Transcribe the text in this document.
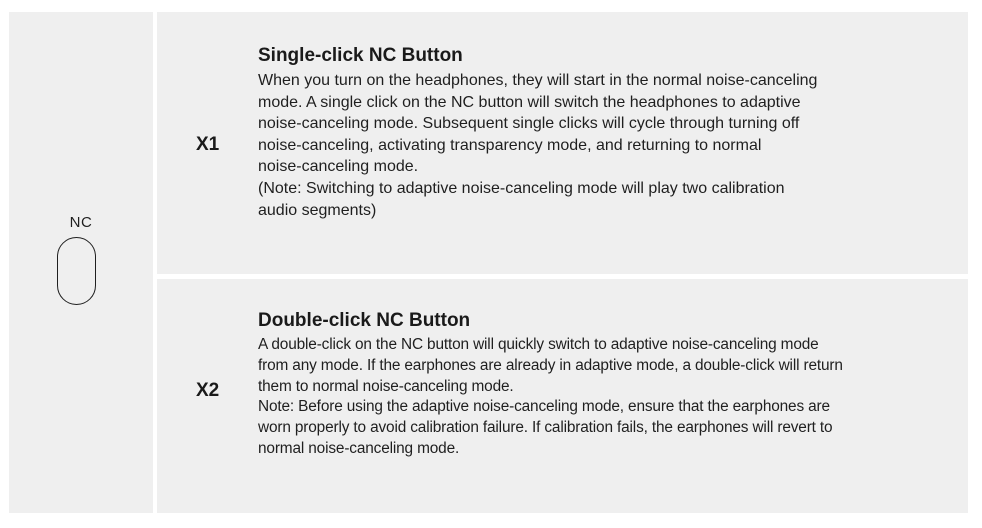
NC
X1
Single-click NC Button

When you turn on the headphones, they will start in the normal noise-canceling

mode. A single click on the NC button will switch the headphones to adaptive

noise-canceling mode. Subsequent single clicks will cycle through turning off

noise-canceling, activating transparency mode, and returning to normal

noise-canceling mode.

(Note: Switching to adaptive noise-canceling mode will play two calibration

audio segments)

X2
Double-click NC Button

A double-click on the NC button will quickly switch to adaptive noise-canceling mode

from any mode. If the earphones are already in adaptive mode, a double-click will return

them to normal noise-canceling mode.

Note: Before using the adaptive noise-canceling mode, ensure that the earphones are

worn properly to avoid calibration failure. If calibration fails, the earphones will revert to

normal noise-canceling mode.
